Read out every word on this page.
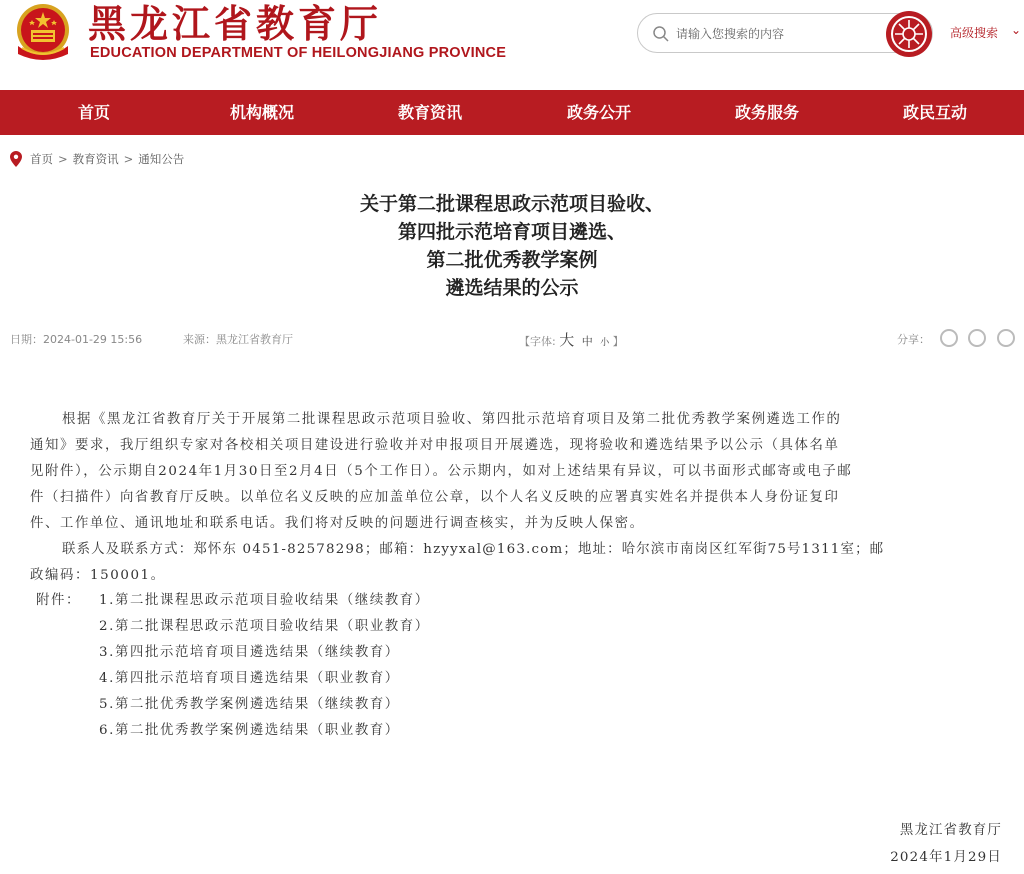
黑龙江省教育厅
EDUCATION DEPARTMENT OF HEILONGJIANG PROVINCE
请输入您搜索的内容
高级搜索 ⌄
首页	机构概况	教育资讯	政务公开	政务服务	政民互动
首页 > 教育资讯 > 通知公告
关于第二批课程思政示范项目验收、
第四批示范培育项目遴选、
第二批优秀教学案例
遴选结果的公示
日期：2024-01-29 15:56	来源：黑龙江省教育厅	【字体: 大 中 小 】	分享：
根据《黑龙江省教育厅关于开展第二批课程思政示范项目验收、第四批示范培育项目及第二批优秀教学案例遴选工作的
通知》要求，我厅组织专家对各校相关项目建设进行验收并对申报项目开展遴选，现将验收和遴选结果予以公示（具体名单
见附件），公示期自2024年1月30日至2月4日（5个工作日）。公示期内，如对上述结果有异议，可以书面形式邮寄或电子邮
件（扫描件）向省教育厅反映。以单位名义反映的应加盖单位公章，以个人名义反映的应署真实姓名并提供本人身份证复印
件、工作单位、通讯地址和联系电话。我们将对反映的问题进行调查核实，并为反映人保密。
联系人及联系方式：郑怀东 0451-82578298；邮箱：hzyyxal@163.com；地址：哈尔滨市南岗区红军街75号1311室；邮
政编码：150001。
附件： 1.第二批课程思政示范项目验收结果（继续教育）
2.第二批课程思政示范项目验收结果（职业教育）
3.第四批示范培育项目遴选结果（继续教育）
4.第四批示范培育项目遴选结果（职业教育）
5.第二批优秀教学案例遴选结果（继续教育）
6.第二批优秀教学案例遴选结果（职业教育）
黑龙江省教育厅
2024年1月29日
